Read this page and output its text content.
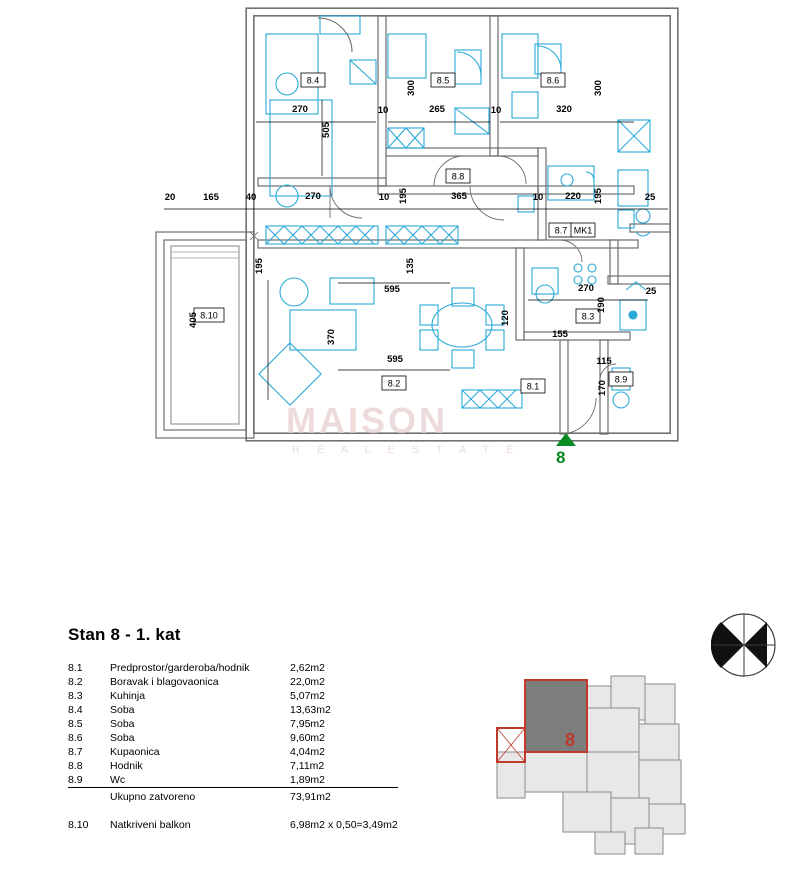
8.4	8.5	8.6
8.8
8.7
8.10	8.3
8.2	8.1
8.9
MK1
270
505
300
265	320
300
10	10
20	165	40	270	10 195	365	10 220 195	25
405
595
370
595
120
270
190
25
155
115
170
195	135
MAISON
R E A L E S T A T E 8
Stan 8 - 1. kat
8.1	Predprostor/garderoba/hodnik	2,62m2
8.2	Boravak i blagovaonica	22,0m2
8.3	Kuhinja	5,07m2
8.4	Soba	13,63m2
8.5	Soba	7,95m2
8.6	Soba	9,60m2
8.7	Kupaonica	4,04m2
8.8	Hodnik	7,11m2
8.9	Wc	1,89m2
	Ukupno zatvoreno	73,91m2

8.10	Natkriveni balkon	6,98m2 x 0,50=3,49m2
8
